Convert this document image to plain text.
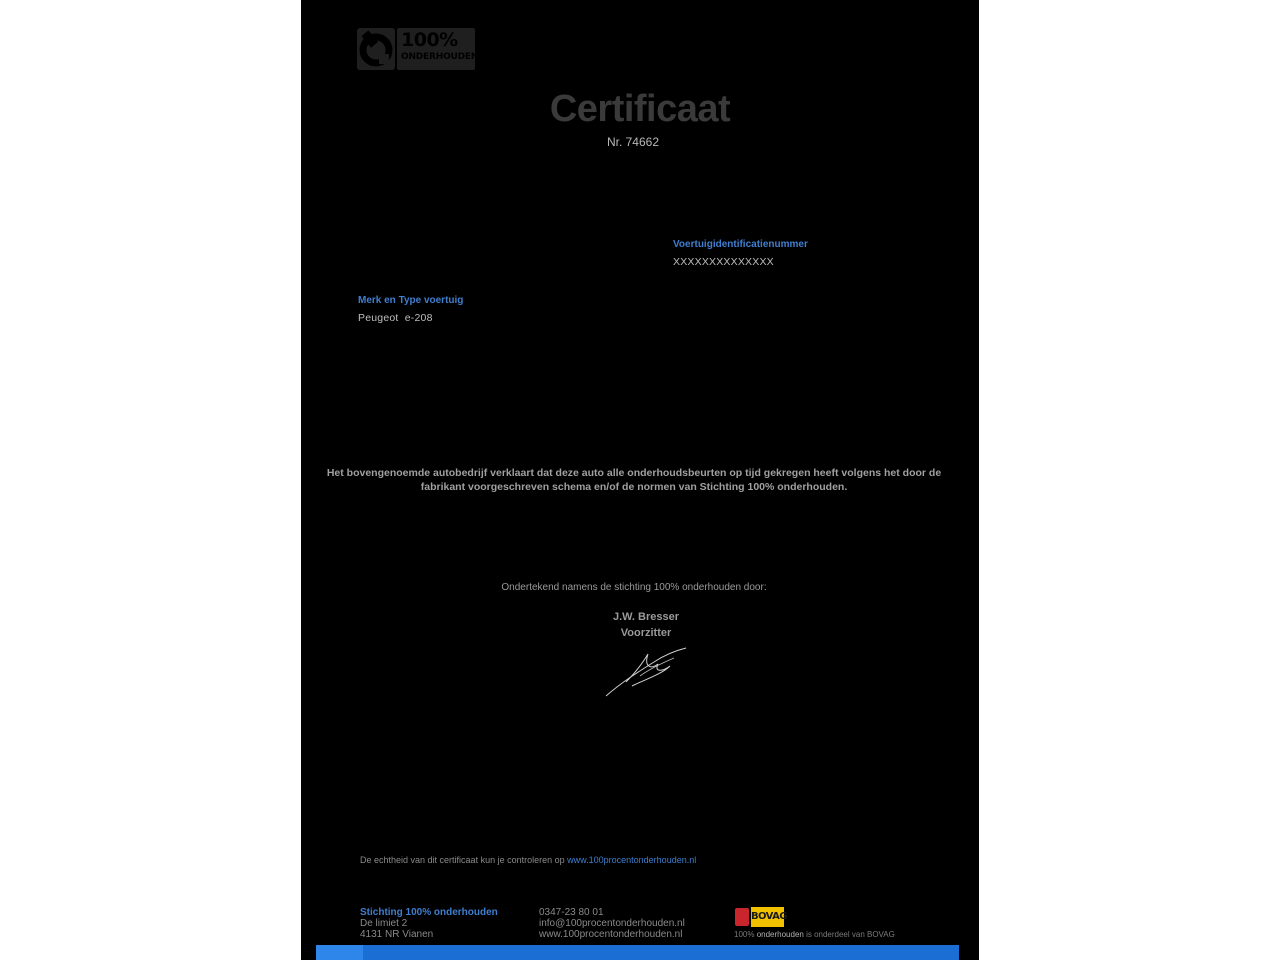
100%
ONDERHOUDEN
Certificaat
Nr. 74662
Voertuigidentificatienummer
XXXXXXXXXXXXXX
Merk en Type voertuig
Peugeot  e-208
Het bovengenoemde autobedrijf verklaart dat deze auto alle onderhoudsbeurten op tijd gekregen heeft volgens het door de fabrikant voorgeschreven schema en/of de normen van Stichting 100% onderhouden.
Ondertekend namens de stichting 100% onderhouden door:
J.W. Bresser
Voorzitter
De echtheid van dit certificaat kun je controleren op www.100procentonderhouden.nl
Stichting 100% onderhouden
De limiet 2
4131 NR Vianen
0347-23 80 01
info@100procentonderhouden.nl
www.100procentonderhouden.nl
BOVAG
100% onderhouden is onderdeel van BOVAG
